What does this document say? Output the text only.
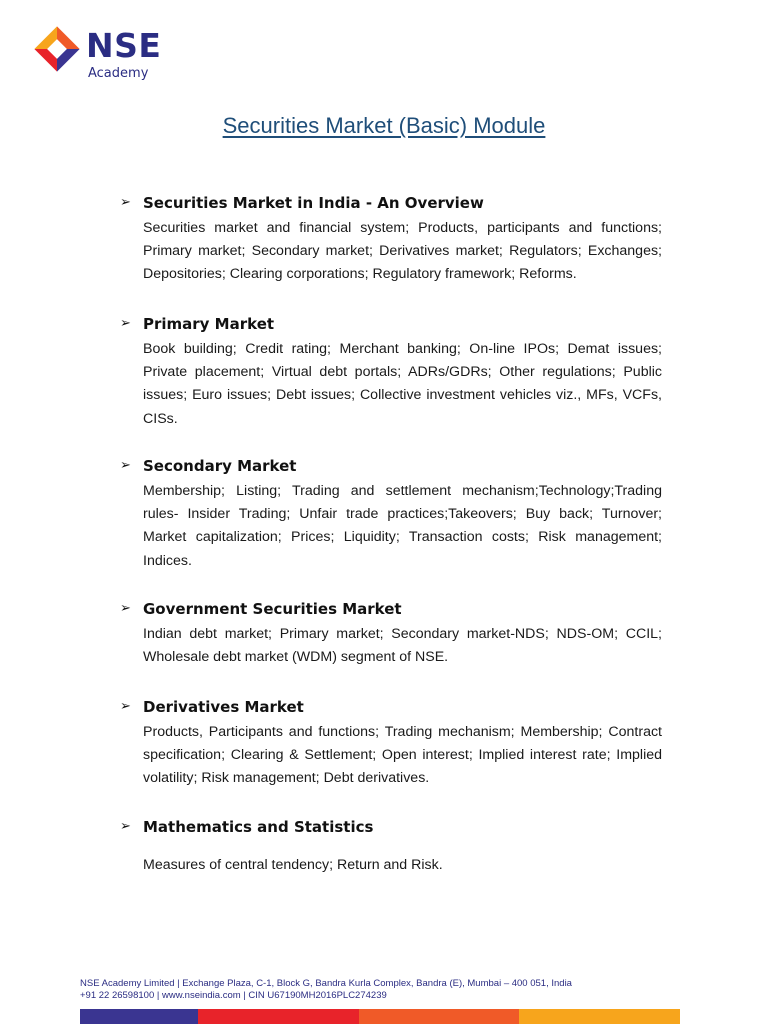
NSE
Academy
Securities Market (Basic) Module
➢ Securities Market in India - An Overview
Securities market and financial system; Products, participants and functions; Primary market; Secondary market; Derivatives market; Regulators; Exchanges; Depositories; Clearing corporations; Regulatory framework; Reforms.
➢ Primary Market
Book building; Credit rating; Merchant banking; On-line IPOs; Demat issues; Private placement; Virtual debt portals; ADRs/GDRs; Other regulations; Public issues; Euro issues; Debt issues; Collective investment vehicles viz., MFs, VCFs, CISs.
➢ Secondary Market
Membership; Listing; Trading and settlement mechanism;Technology;Trading rules- Insider Trading; Unfair trade practices;Takeovers; Buy back; Turnover; Market capitalization; Prices; Liquidity; Transaction costs; Risk management; Indices.
➢ Government Securities Market
Indian debt market; Primary market; Secondary market-NDS; NDS-OM; CCIL; Wholesale debt market (WDM) segment of NSE.
➢ Derivatives Market
Products, Participants and functions; Trading mechanism; Membership; Contract specification; Clearing & Settlement; Open interest; Implied interest rate; Implied volatility; Risk management; Debt derivatives.
➢ Mathematics and Statistics
Measures of central tendency; Return and Risk.
NSE Academy Limited | Exchange Plaza, C-1, Block G, Bandra Kurla Complex, Bandra (E), Mumbai – 400 051, India
+91 22 26598100 | www.nseindia.com | CIN U67190MH2016PLC274239
